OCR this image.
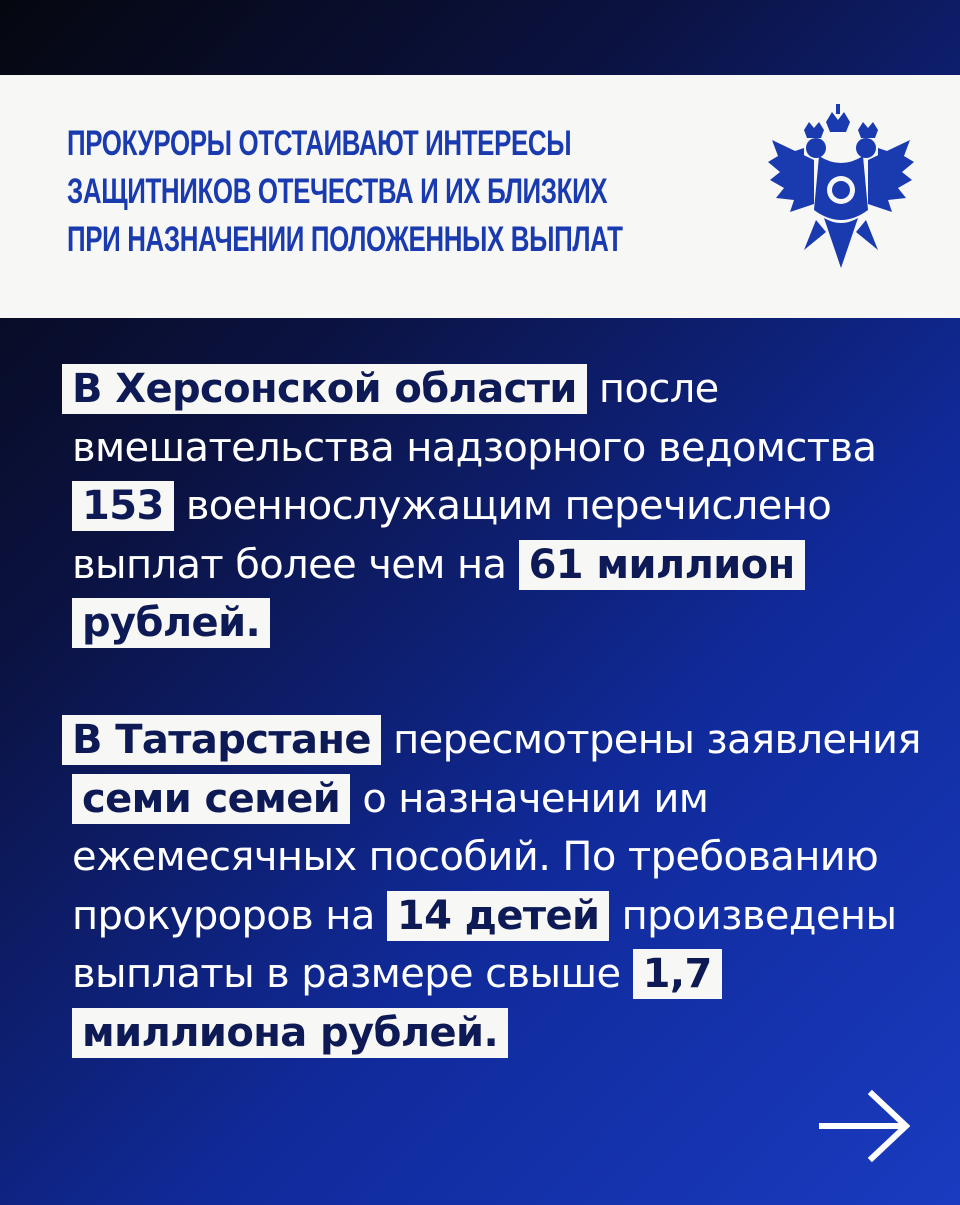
ПРОКУРОРЫ ОТСТАИВАЮТ ИНТЕРЕСЫ
ЗАЩИТНИКОВ ОТЕЧЕСТВА И ИХ БЛИЗКИХ
ПРИ НАЗНАЧЕНИИ ПОЛОЖЕННЫХ ВЫПЛАТ

В Херсонской области после вмешательства надзорного ведомства 153 военнослужащим перечислено выплат более чем на 61 миллион рублей.

В Татарстане пересмотрены заявления семи семей о назначении им ежемесячных пособий. По требованию прокуроров на 14 детей произведены выплаты в размере свыше 1,7 миллиона рублей.
